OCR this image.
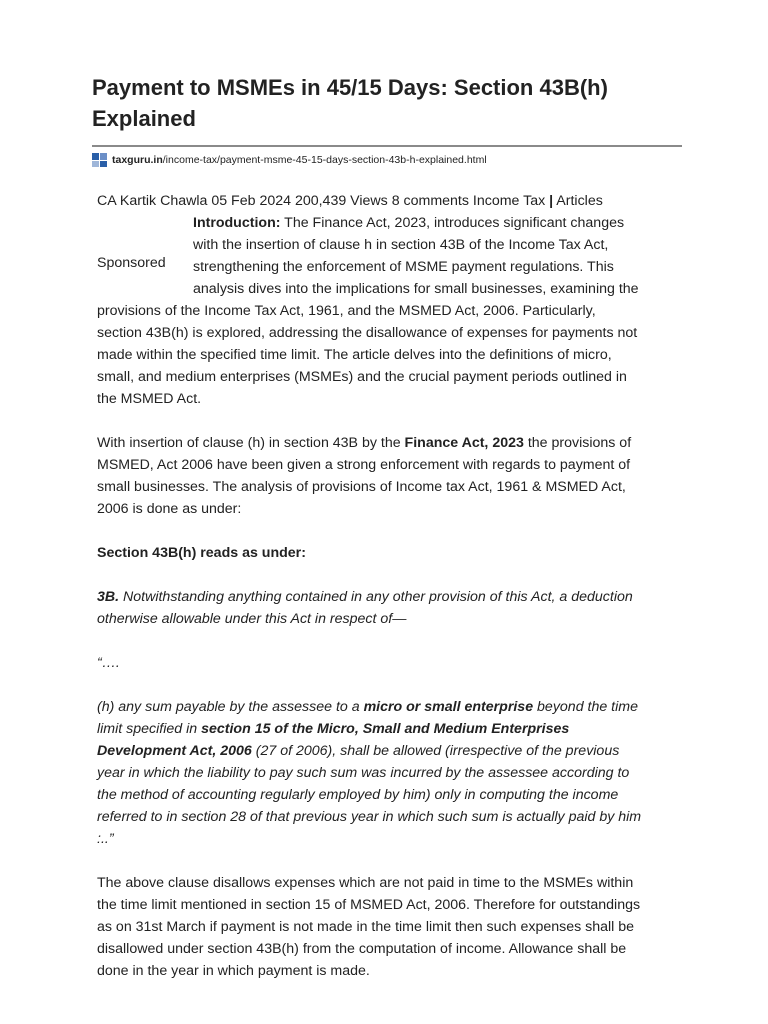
Payment to MSMEs in 45/15 Days: Section 43B(h)
Explained
taxguru.in /income-tax/payment-msme-45-15-days-section-43b-h-explained.html
CA Kartik Chawla 05 Feb 2024 200,439 Views 8 comments Income Tax | Articles
Sponsored
Introduction: The Finance Act, 2023, introduces significant changes
with the insertion of clause h in section 43B of the Income Tax Act,
strengthening the enforcement of MSME payment regulations. This
analysis dives into the implications for small businesses, examining the
provisions of the Income Tax Act, 1961, and the MSMED Act, 2006. Particularly,
section 43B(h) is explored, addressing the disallowance of expenses for payments not
made within the specified time limit. The article delves into the definitions of micro,
small, and medium enterprises (MSMEs) and the crucial payment periods outlined in
the MSMED Act.
With insertion of clause (h) in section 43B by the Finance Act, 2023 the provisions of
MSMED, Act 2006 have been given a strong enforcement with regards to payment of
small businesses. The analysis of provisions of Income tax Act, 1961 & MSMED Act,
2006 is done as under:
Section 43B(h) reads as under:
3B. Notwithstanding anything contained in any other provision of this Act, a deduction
otherwise allowable under this Act in respect of—
“….
(h) any sum payable by the assessee to a micro or small enterprise beyond the time
limit specified in section 15 of the Micro, Small and Medium Enterprises
Development Act, 2006 (27 of 2006), shall be allowed (irrespective of the previous
year in which the liability to pay such sum was incurred by the assessee according to
the method of accounting regularly employed by him) only in computing the income
referred to in section 28 of that previous year in which such sum is actually paid by him
:..”
The above clause disallows expenses which are not paid in time to the MSMEs within
the time limit mentioned in section 15 of MSMED Act, 2006. Therefore for outstandings
as on 31st March if payment is not made in the time limit then such expenses shall be
disallowed under section 43B(h) from the computation of income. Allowance shall be
done in the year in which payment is made.
